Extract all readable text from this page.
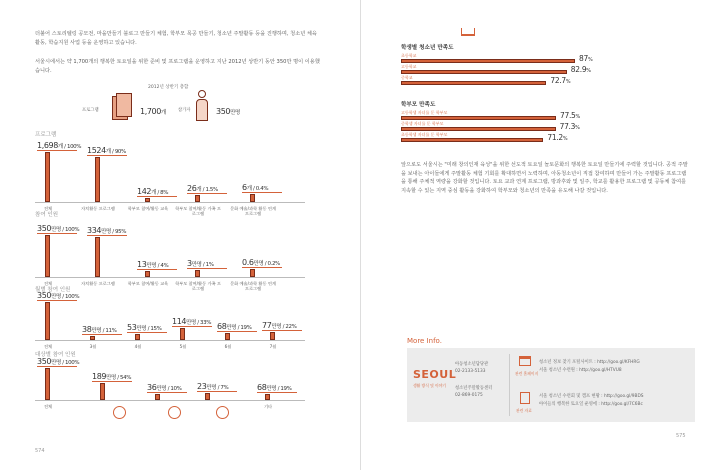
더불어 스토리텔링 공모전, 마을만들기 블로그 만들기 체험, 학부모 목공 만들기, 청소년 주말활동 등을 진행하며, 청소년 체육활동, 학습지원 사업 등을 운영하고 있습니다.
서울시에서는 약 1,700개의 행복한 토요일을 위한 준비 및 프로그램을 운영하고 지난 2012년 상반기 동안 350만 명이 이용했습니다.
2012년 상반기 총합
프로그램	1,700개	참가자	350만명
프로그램
1,698개 / 100%
전체
1524개 / 90%
자치활동 프로그램
142개 / 8%
학부모 참여/활동 교육
26개 / 1.5%
학부모 참여/활동 가족 프로그램
6개 / 0.4%
문화 예술/과학 활동 연계 프로그램
참여 인원
350만명 / 100%
전체
334만명 / 95%
자치활동 프로그램
13만명 / 4%
학부모 참여/활동 교육
3만명 / 1%
학부모 참여/활동 가족 프로그램
0.6만명 / 0.2%
문화 예술/과학 활동 연계 프로그램
월별 참여 인원
350만명 / 100%
전체
38만명 / 11%
3월
53만명 / 15%
4월
114만명 / 33%
5월
68만명 / 19%
6월
77만명 / 22%
7월
대상별 참여 인원
350만명 / 100%
전체
189만명 / 54%
36만명 / 10% 23만명 / 7%	68만명 / 19%
기타
574
학생별 청소년 만족도
초등학교	87%
고등학교	82.9%
중학교	72.7%
학부모 만족도
고등학생 자녀를 둔 학부모	77.5%
중학생 자녀를 둔 학부모	77.3%
초등학생 자녀를 둔 학부모	71.2%
앞으로도 서울시는 "미래 창의인재 육성"을 위한 선도적 토요일 놀토문화의 행복한 토요일 만들기에 주력할 것입니다. 공적 주말을 보내는 아이들에게 주말활동 체험 기회를 확대하면서 노력하며, 아동청소년이 직접 참여하며 만들어 가는 주말활동 프로그램을 통해 주체적 역량을 강화할 것입니다. 토요 교과 연계 프로그램, 방과후와 및 일주, 학교를 활용한 프로그램 및 공동체 참여를 지속할 수 있는 지역 중심 활동을 강화하여 학부모와 청소년의 만족을 유도해 나갈 것입니다.
More Info.
SEOUL
생활 방식 및 이야기
아동청소년담당관
02-2133-5133
청소년주말활동센터
02-869-0175
관련 홈페이지
청소년 정보 찾기 포털사이트 : http://goo.gl/KFHRG
서울 청소년 수련원 : http://goo.gl/HTVU8
관련 자료
서울 청소년 수련회 및 캠프 현황 : http://goo.gl/9BDS
아이들의 행복한 토요일 운영에 : http://goo.gl/7C6Bc
575
